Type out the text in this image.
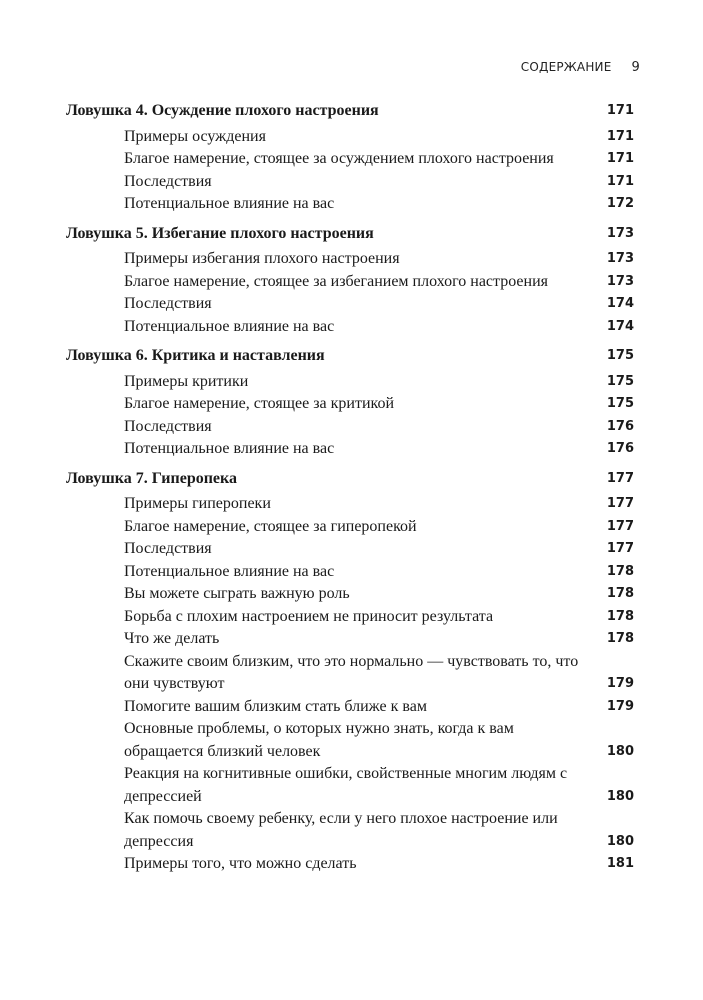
СОДЕРЖАНИЕ 9
Ловушка 4. Осуждение плохого настроения	171
Примеры осуждения	171
Благое намерение, стоящее за осуждением плохого настроения	171
Последствия	171
Потенциальное влияние на вас	172
Ловушка 5. Избегание плохого настроения	173
Примеры избегания плохого настроения	173
Благое намерение, стоящее за избеганием плохого настроения	173
Последствия	174
Потенциальное влияние на вас	174
Ловушка 6. Критика и наставления	175
Примеры критики	175
Благое намерение, стоящее за критикой	175
Последствия	176
Потенциальное влияние на вас	176
Ловушка 7. Гиперопека	177
Примеры гиперопеки	177
Благое намерение, стоящее за гиперопекой	177
Последствия	177
Потенциальное влияние на вас	178
Вы можете сыграть важную роль	178
Борьба с плохим настроением не приносит результата	178
Что же делать	178
Скажите своим близким, что это нормально — чувствовать то, что они чувствуют	179
Помогите вашим близким стать ближе к вам	179
Основные проблемы, о которых нужно знать, когда к вам обращается близкий человек	180
Реакция на когнитивные ошибки, свойственные многим людям с депрессией	180
Как помочь своему ребенку, если у него плохое настроение или депрессия	180
Примеры того, что можно сделать	181
